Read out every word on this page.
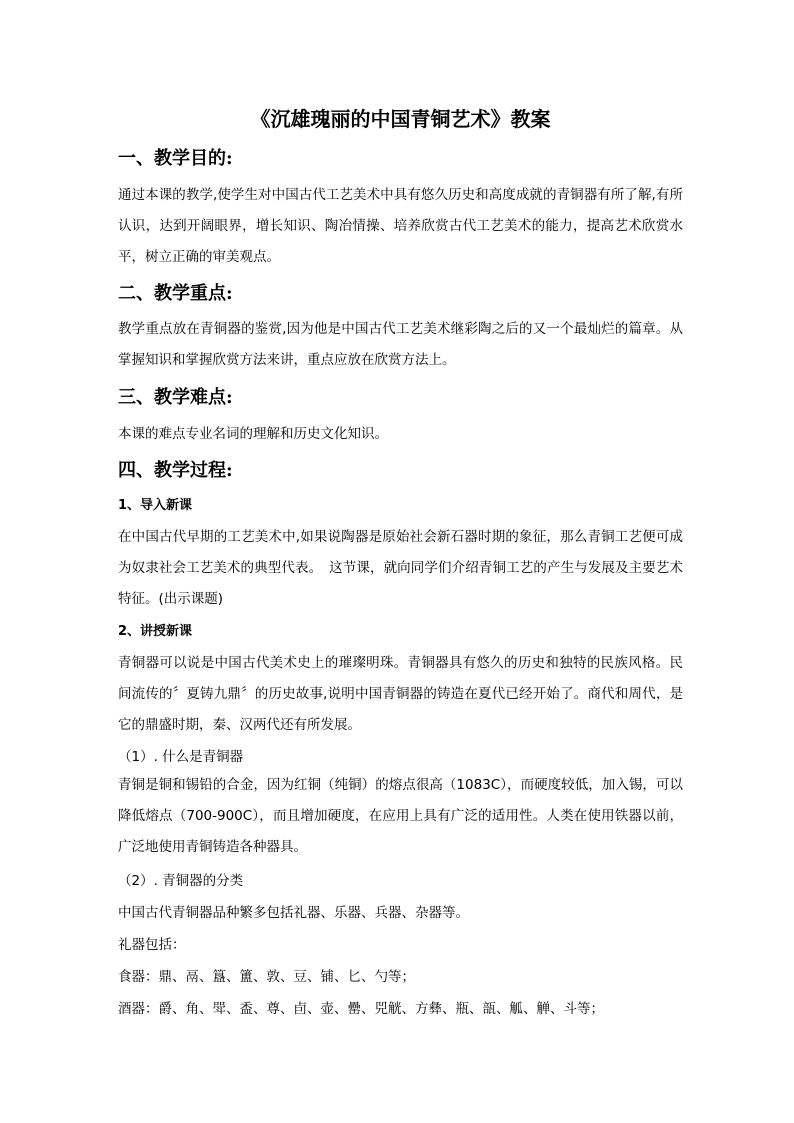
《沉雄瑰丽的中国青铜艺术》教案
一、教学目的:

通过本课的教学,使学生对中国古代工艺美术中具有悠久历史和高度成就的青铜器有所了解,有所认识，达到开阔眼界，增长知识、陶冶情操、培养欣赏古代工艺美术的能力，提高艺术欣赏水平，树立正确的审美观点。

二、教学重点:

教学重点放在青铜器的鉴赏,因为他是中国古代工艺美术继彩陶之后的又一个最灿烂的篇章。从掌握知识和掌握欣赏方法来讲，重点应放在欣赏方法上。

三、教学难点:

本课的难点专业名词的理解和历史文化知识。

四、教学过程:
1、导入新课

在中国古代早期的工艺美术中,如果说陶器是原始社会新石器时期的象征，那么青铜工艺便可成为奴隶社会工艺美术的典型代表。　这节课，就向同学们介绍青铜工艺的产生与发展及主要艺术特征。(出示课题)

2、讲授新课

青铜器可以说是中国古代美术史上的璀璨明珠。青铜器具有悠久的历史和独特的民族风格。民间流传的〞夏铸九鼎〞的历史故事,说明中国青铜器的铸造在夏代已经开始了。商代和周代，是它的鼎盛时期，秦、汉两代还有所发展。

（1）. 什么是青铜器

青铜是铜和锡铅的合金，因为红铜（纯铜）的熔点很高（1083C），而硬度较低，加入锡，可以降低熔点（700-900C），而且增加硬度，在应用上具有广泛的适用性。人类在使用铁器以前，广泛地使用青铜铸造各种器具。

（2）. 青铜器的分类

中国古代青铜器品种繁多包括礼器、乐器、兵器、杂器等。

礼器包括：

食器：鼎、鬲、簋、簠、敦、豆、铺、匕、勺等；

酒器：爵、角、斝、盉、尊、卣、壶、罍、兕觥、方彝、瓶、瓿、觚、觯、斗等；
